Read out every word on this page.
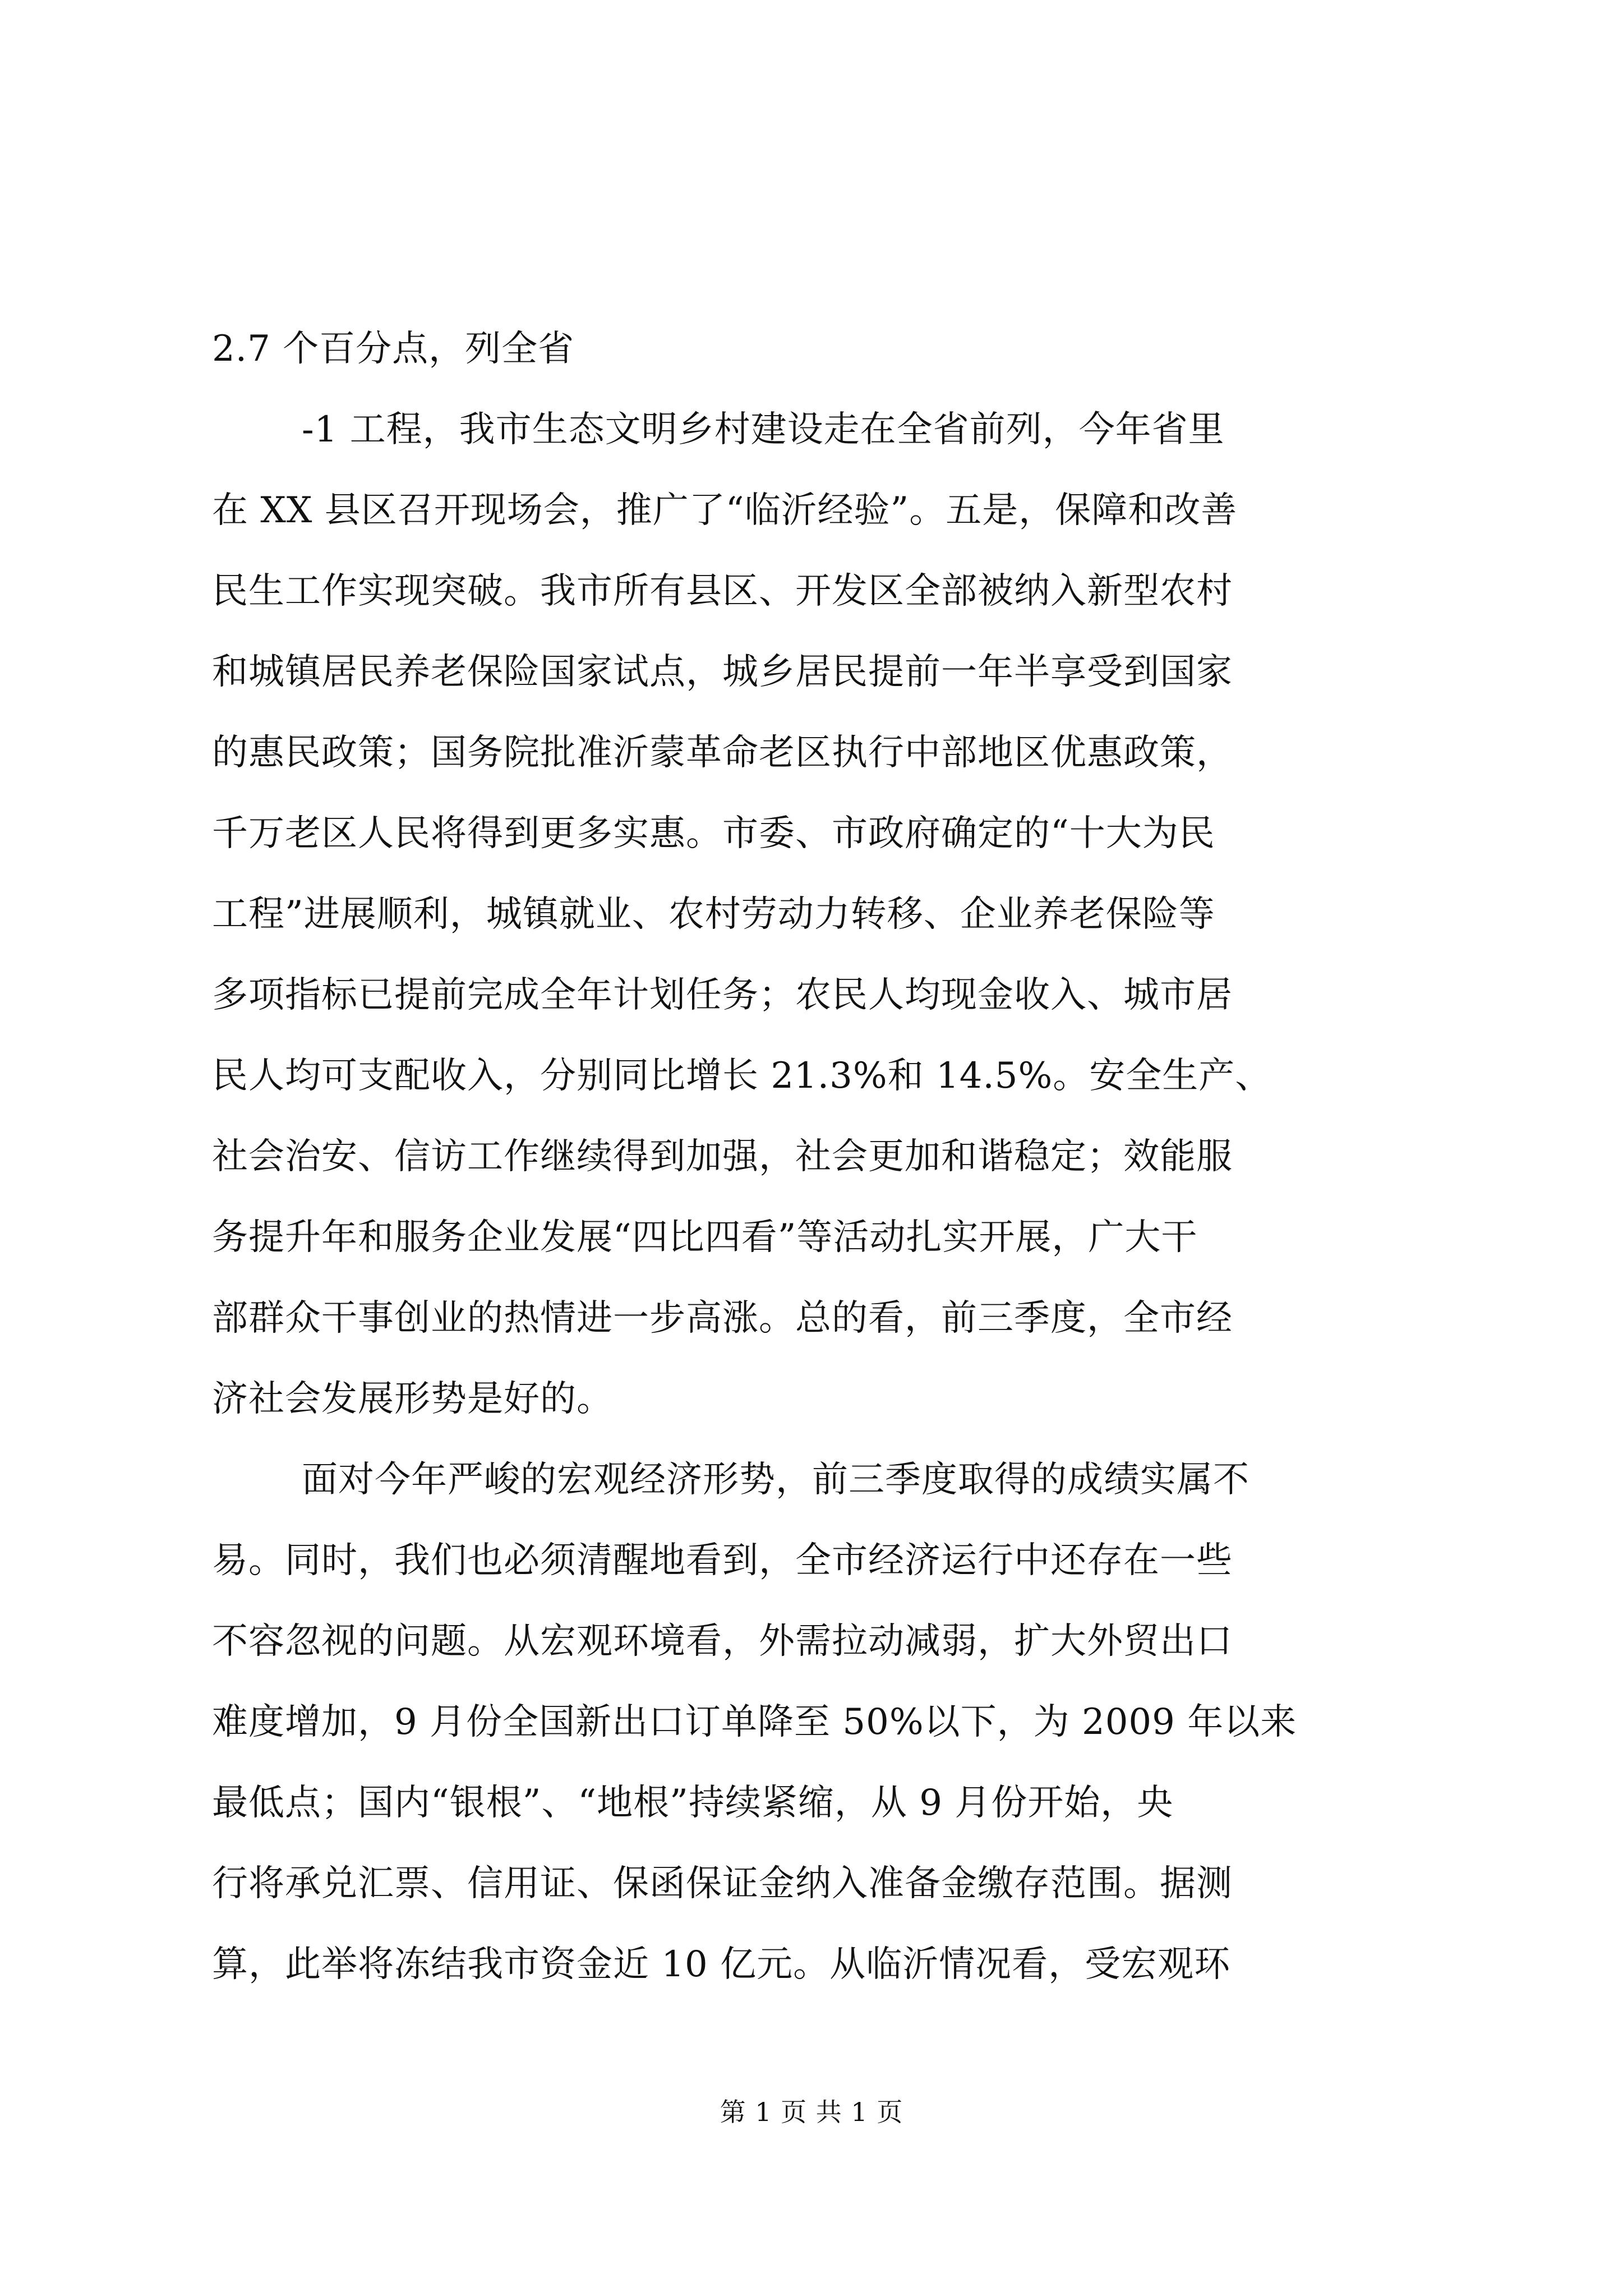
2.7 个百分点，列全省
-1 工程，我市生态文明乡村建设走在全省前列，今年省里
在 XX 县区召开现场会，推广了“临沂经验”。五是，保障和改善
民生工作实现突破。我市所有县区、开发区全部被纳入新型农村
和城镇居民养老保险国家试点，城乡居民提前一年半享受到国家
的惠民政策；国务院批准沂蒙革命老区执行中部地区优惠政策，
千万老区人民将得到更多实惠。市委、市政府确定的“十大为民
工程”进展顺利，城镇就业、农村劳动力转移、企业养老保险等
多项指标已提前完成全年计划任务；农民人均现金收入、城市居
民人均可支配收入，分别同比增长 21.3%和 14.5%。安全生产、
社会治安、信访工作继续得到加强，社会更加和谐稳定；效能服
务提升年和服务企业发展“四比四看”等活动扎实开展，广大干
部群众干事创业的热情进一步高涨。总的看，前三季度，全市经
济社会发展形势是好的。
面对今年严峻的宏观经济形势，前三季度取得的成绩实属不
易。同时，我们也必须清醒地看到，全市经济运行中还存在一些
不容忽视的问题。从宏观环境看，外需拉动减弱，扩大外贸出口
难度增加，9 月份全国新出口订单降至 50%以下，为 2009 年以来
最低点；国内“银根”、“地根”持续紧缩，从 9 月份开始，央
行将承兑汇票、信用证、保函保证金纳入准备金缴存范围。据测
算，此举将冻结我市资金近 10 亿元。从临沂情况看，受宏观环
第 1 页 共 1 页
